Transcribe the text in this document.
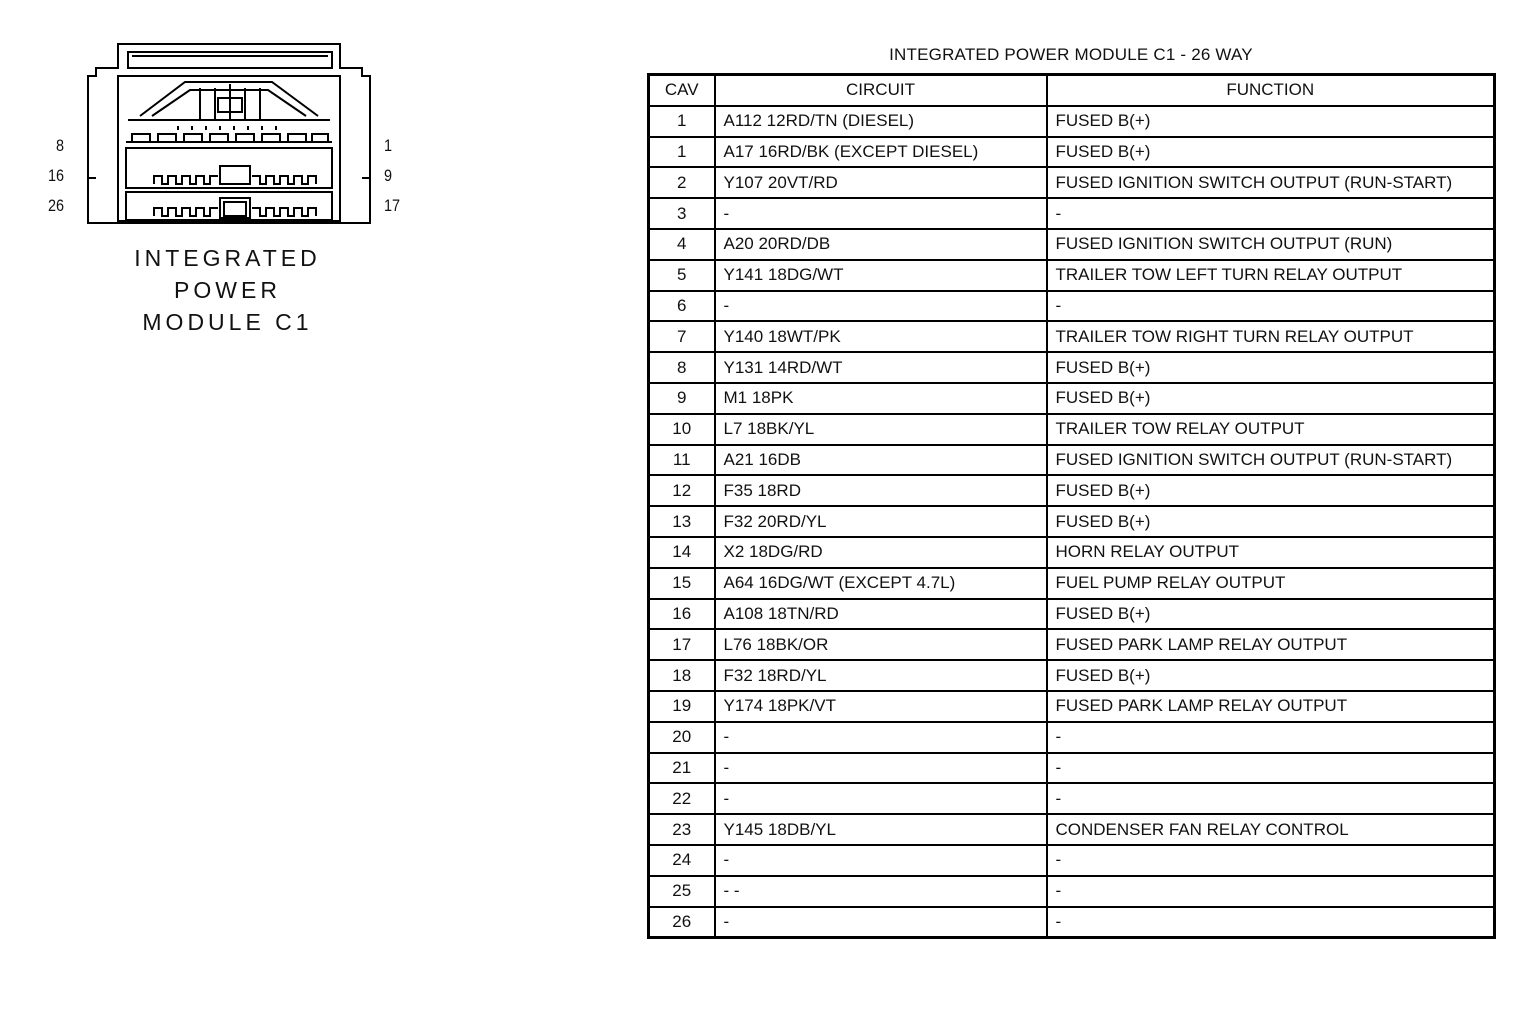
8
16
26
1
9
17
INTEGRATED
POWER
MODULE C1
INTEGRATED POWER MODULE C1 - 26 WAY
CAV	CIRCUIT	FUNCTION
1	A112 12RD/TN (DIESEL)	FUSED B(+)
1	A17 16RD/BK (EXCEPT DIESEL)	FUSED B(+)
2	Y107 20VT/RD	FUSED IGNITION SWITCH OUTPUT (RUN-START)
3	-	-
4	A20 20RD/DB	FUSED IGNITION SWITCH OUTPUT (RUN)
5	Y141 18DG/WT	TRAILER TOW LEFT TURN RELAY OUTPUT
6	-	-
7	Y140 18WT/PK	TRAILER TOW RIGHT TURN RELAY OUTPUT
8	Y131 14RD/WT	FUSED B(+)
9	M1 18PK	FUSED B(+)
10	L7 18BK/YL	TRAILER TOW RELAY OUTPUT
11	A21 16DB	FUSED IGNITION SWITCH OUTPUT (RUN-START)
12	F35 18RD	FUSED B(+)
13	F32 20RD/YL	FUSED B(+)
14	X2 18DG/RD	HORN RELAY OUTPUT
15	A64 16DG/WT (EXCEPT 4.7L)	FUEL PUMP RELAY OUTPUT
16	A108 18TN/RD	FUSED B(+)
17	L76 18BK/OR	FUSED PARK LAMP RELAY OUTPUT
18	F32 18RD/YL	FUSED B(+)
19	Y174 18PK/VT	FUSED PARK LAMP RELAY OUTPUT
20	-	-
21	-	-
22	-	-
23	Y145 18DB/YL	CONDENSER FAN RELAY CONTROL
24	-	-
25	- -	-
26	-	-
